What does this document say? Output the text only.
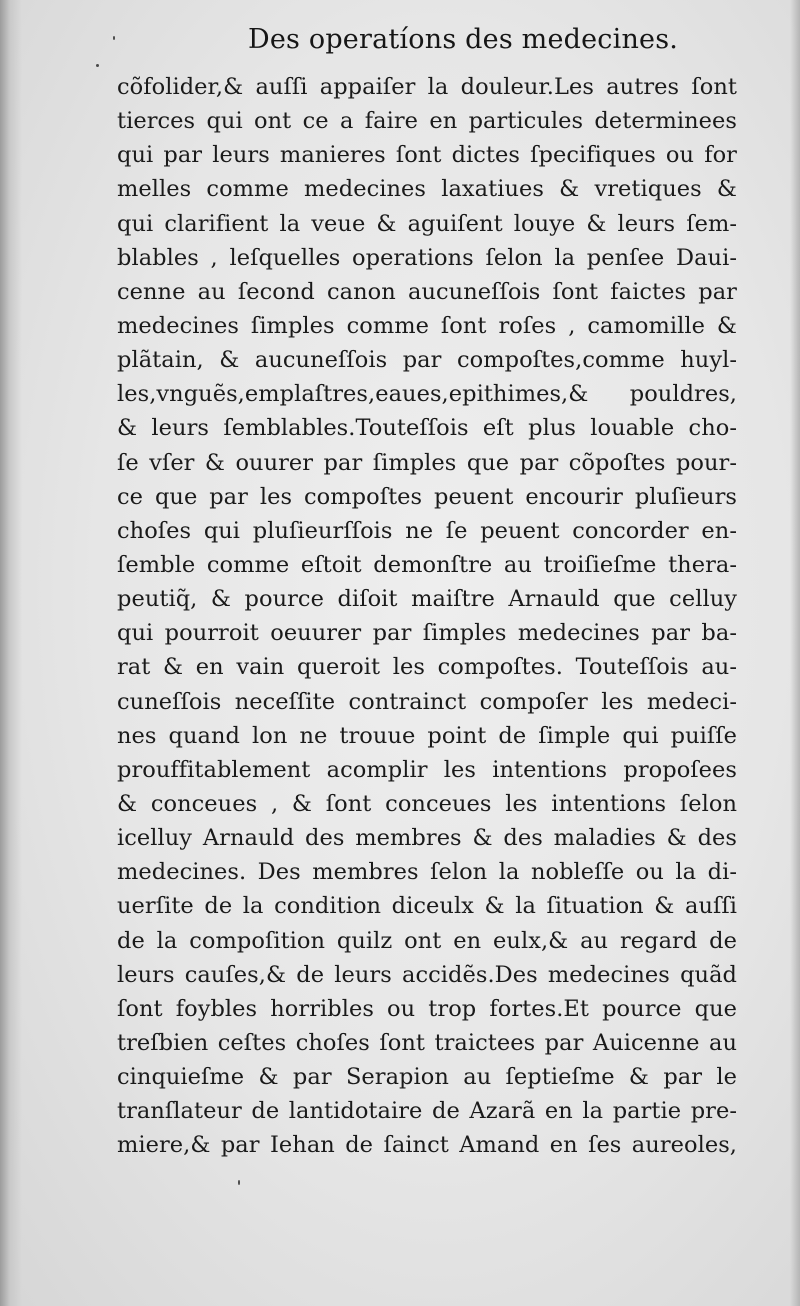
Des operatíons des medecines.
cõfolider,& auſſi appaiſer la douleur.Les autres ſont
tierces qui ont ce a faire en particules determinees
qui par leurs manieres ſont dictes ſpecifiques ou for
melles comme medecines laxatiues & vretiques &
qui clarifient la veue & aguiſent louye & leurs ſem-
blables , leſquelles operations ſelon la penſee Daui-
cenne au ſecond canon aucuneſſois ſont faictes par
medecines ſimples comme ſont roſes , camomille &
plãtain, & aucuneſſois par compoſtes,comme huyl-
les,vnguẽs,emplaſtres,eaues,epithimes,& pouldres,
& leurs ſemblables.Touteſſois eſt plus louable cho-
ſe vſer & ouurer par ſimples que par cõpoſtes pour-
ce que par les compoſtes peuent encourir pluſieurs
choſes qui pluſieurſſois ne ſe peuent concorder en-
ſemble comme eſtoit demonſtre au troiſieſme thera-
peutiq̃, & pource diſoit maiſtre Arnauld que celluy
qui pourroit oeuurer par ſimples medecines par ba-
rat & en vain queroit les compoſtes. Touteſſois au-
cuneſſois neceſſite contrainct compoſer les medeci-
nes quand lon ne trouue point de ſimple qui puiſſe
prouffitablement acomplir les intentions propoſees
& conceues , & ſont conceues les intentions ſelon
icelluy Arnauld des membres & des maladies & des
medecines. Des membres ſelon la nobleſſe ou la di-
uerſite de la condition diceulx & la ſituation & auſſi
de la compoſition quilz ont en eulx,& au regard de
leurs cauſes,& de leurs accidẽs.Des medecines quãd
ſont foybles horribles ou trop fortes.Et pource que
treſbien ceſtes choſes ſont traictees par Auicenne au
cinquieſme & par Serapion au ſeptieſme & par le
tranſlateur de lantidotaire de Azarã en la partie pre-
miere,& par Iehan de ſainct Amand en ſes aureoles,
